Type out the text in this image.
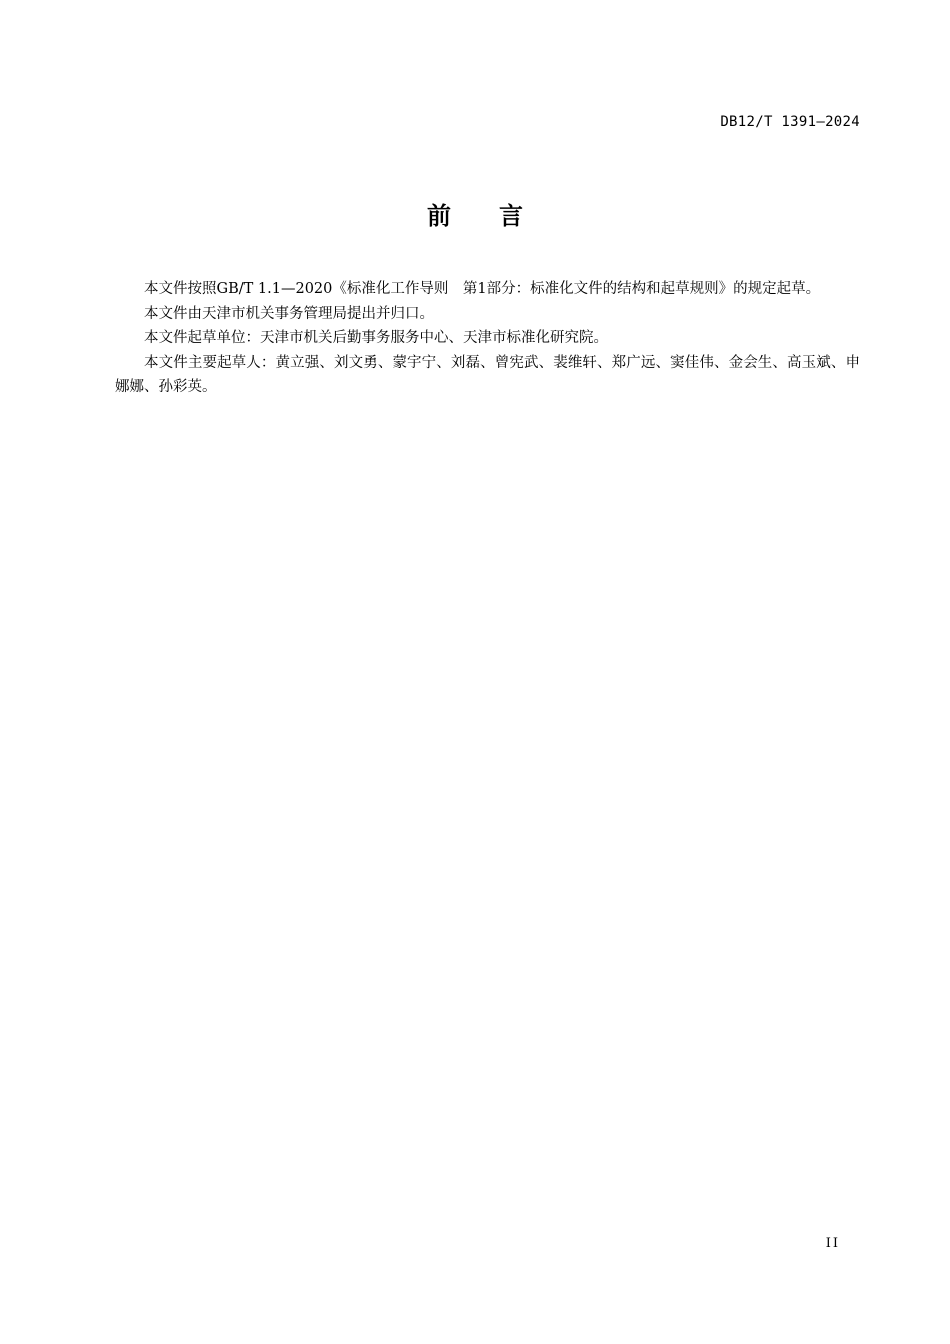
DB12/T 1391—2024
前 言

本文件按照GB/T 1.1—2020《标准化工作导则　第1部分：标准化文件的结构和起草规则》的规定起草。

本文件由天津市机关事务管理局提出并归口。

本文件起草单位：天津市机关后勤事务服务中心、天津市标准化研究院。

本文件主要起草人：黄立强、刘文勇、蒙宇宁、刘磊、曾宪武、裴维轩、郑广远、窦佳伟、金会生、高玉斌、申娜娜、孙彩英。

II
